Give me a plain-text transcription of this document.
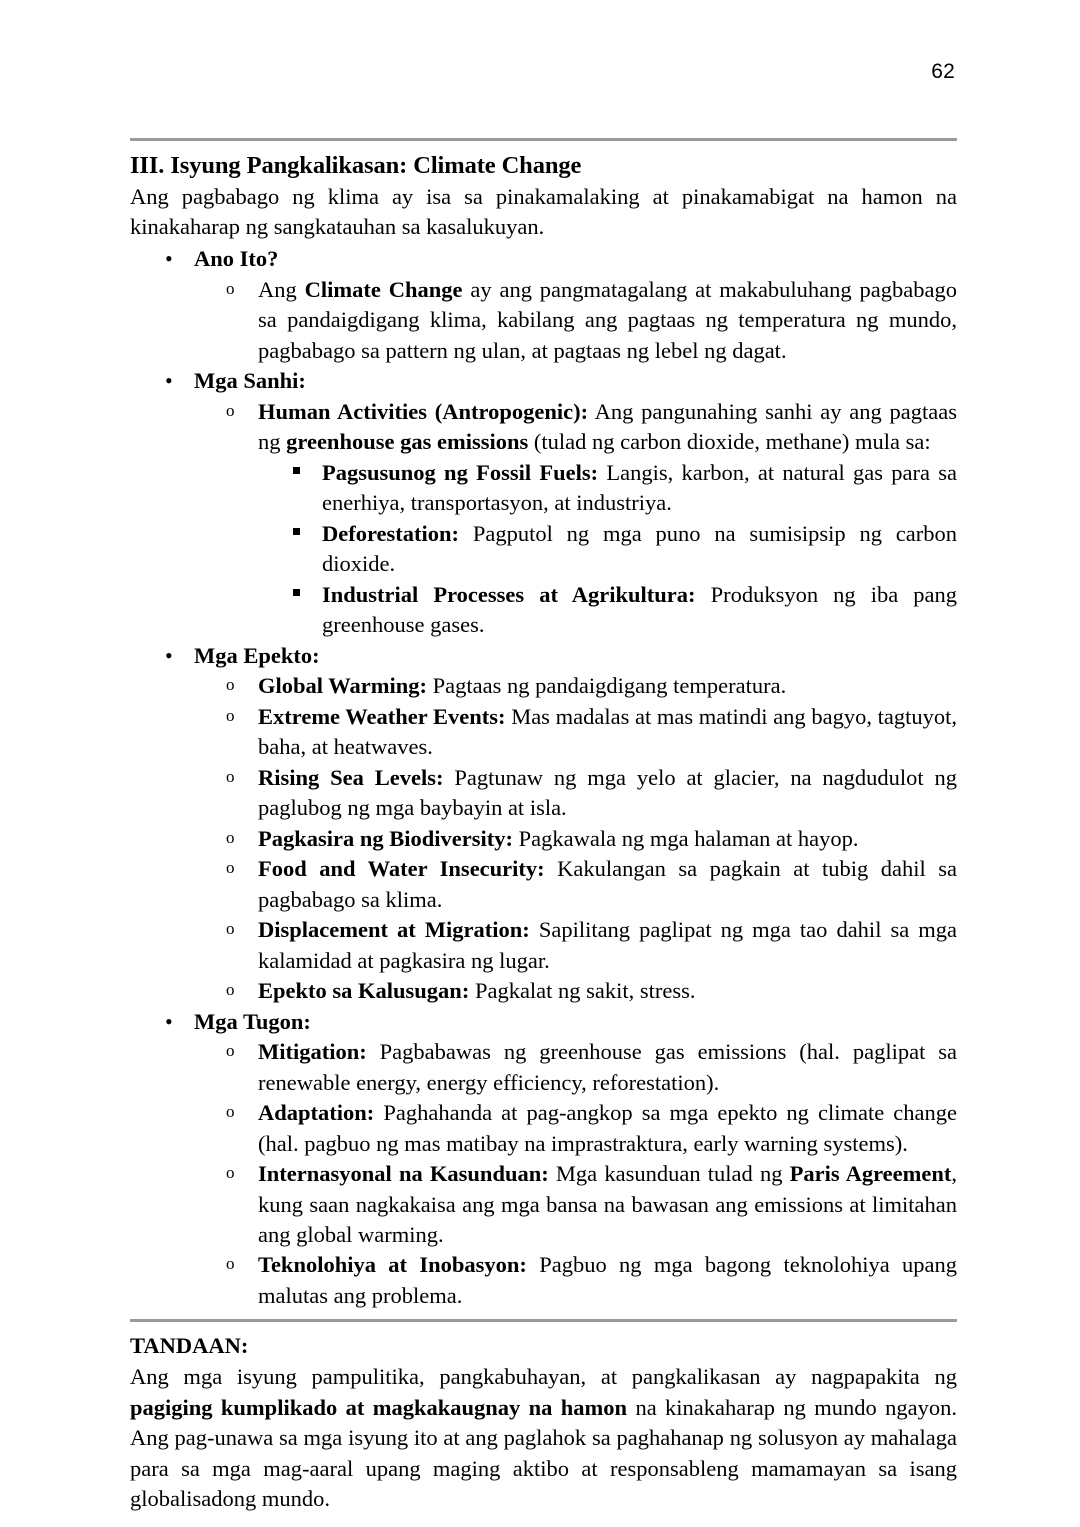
62
III. Isyung Pangkalikasan: Climate Change

Ang pagbabago ng klima ay isa sa pinakamalaking at pinakamabigat na hamon na kinakaharap ng sangkatauhan sa kasalukuyan.

• Ano Ito?
o Ang Climate Change ay ang pangmatagalang at makabuluhang pagbabago sa pandaigdigang klima, kabilang ang pagtaas ng temperatura ng mundo, pagbabago sa pattern ng ulan, at pagtaas ng lebel ng dagat.
• Mga Sanhi:
o Human Activities (Antropogenic): Ang pangunahing sanhi ay ang pagtaas ng greenhouse gas emissions (tulad ng carbon dioxide, methane) mula sa:
Pagsusunog ng Fossil Fuels: Langis, karbon, at natural gas para sa enerhiya, transportasyon, at industriya.
Deforestation: Pagputol ng mga puno na sumisipsip ng carbon dioxide.
Industrial Processes at Agrikultura: Produksyon ng iba pang greenhouse gases.
• Mga Epekto:
o Global Warming: Pagtaas ng pandaigdigang temperatura.
o Extreme Weather Events: Mas madalas at mas matindi ang bagyo, tagtuyot, baha, at heatwaves.
o Rising Sea Levels: Pagtunaw ng mga yelo at glacier, na nagdudulot ng paglubog ng mga baybayin at isla.
o Pagkasira ng Biodiversity: Pagkawala ng mga halaman at hayop.
o Food and Water Insecurity: Kakulangan sa pagkain at tubig dahil sa pagbabago sa klima.
o Displacement at Migration: Sapilitang paglipat ng mga tao dahil sa mga kalamidad at pagkasira ng lugar.
o Epekto sa Kalusugan: Pagkalat ng sakit, stress.
• Mga Tugon:
o Mitigation: Pagbabawas ng greenhouse gas emissions (hal. paglipat sa renewable energy, energy efficiency, reforestation).
o Adaptation: Paghahanda at pag-angkop sa mga epekto ng climate change (hal. pagbuo ng mas matibay na imprastraktura, early warning systems).
o Internasyonal na Kasunduan: Mga kasunduan tulad ng Paris Agreement, kung saan nagkakaisa ang mga bansa na bawasan ang emissions at limitahan ang global warming.
o Teknolohiya at Inobasyon: Pagbuo ng mga bagong teknolohiya upang malutas ang problema.

TANDAAN:

Ang mga isyung pampulitika, pangkabuhayan, at pangkalikasan ay nagpapakita ng pagiging kumplikado at magkakaugnay na hamon na kinakaharap ng mundo ngayon. Ang pag-unawa sa mga isyung ito at ang paglahok sa paghahanap ng solusyon ay mahalaga para sa mga mag-aaral upang maging aktibo at responsableng mamamayan sa isang globalisadong mundo.
